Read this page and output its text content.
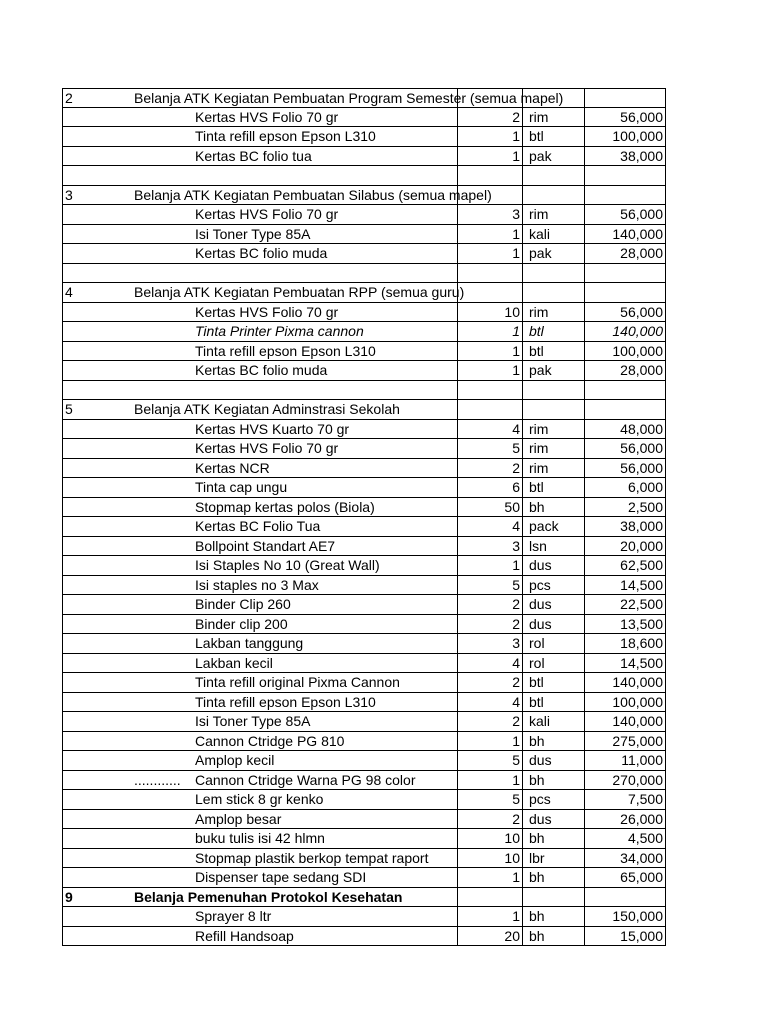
2	Belanja ATK Kegiatan Pembuatan Program Semester (semua mapel)
Kertas HVS Folio 70 gr	2 rim	56,000
Tinta refill epson Epson L310	1 btl	100,000
Kertas BC folio tua	1 pak	38,000
3	Belanja ATK Kegiatan Pembuatan Silabus (semua mapel)
Kertas HVS Folio 70 gr	3 rim	56,000
Isi Toner Type 85A	1 kali	140,000
Kertas BC folio muda	1 pak	28,000
4	Belanja ATK Kegiatan Pembuatan RPP (semua guru)
Kertas HVS Folio 70 gr	10 rim	56,000
Tinta Printer Pixma cannon	1 btl	140,000
Tinta refill epson Epson L310	1 btl	100,000
Kertas BC folio muda	1 pak	28,000
5	Belanja ATK Kegiatan Adminstrasi Sekolah
Kertas HVS Kuarto 70 gr	4 rim	48,000
Kertas HVS Folio 70 gr	5 rim	56,000
Kertas NCR	2 rim	56,000
Tinta cap ungu	6 btl	6,000
Stopmap kertas polos (Biola)	50 bh	2,500
Kertas BC Folio Tua	4 pack	38,000
Bollpoint Standart AE7	3 lsn	20,000
Isi Staples No 10 (Great Wall)	1 dus	62,500
Isi staples no 3 Max	5 pcs	14,500
Binder Clip 260	2 dus	22,500
Binder clip 200	2 dus	13,500
Lakban tanggung	3 rol	18,600
Lakban kecil	4 rol	14,500
Tinta refill original Pixma Cannon	2 btl	140,000
Tinta refill epson Epson L310	4 btl	100,000
Isi Toner Type 85A	2 kali	140,000
Cannon Ctridge PG 810	1 bh	275,000
Amplop kecil	5 dus	11,000
............ Cannon Ctridge Warna PG 98 color	1 bh	270,000
Lem stick 8 gr kenko	5 pcs	7,500
Amplop besar	2 dus	26,000
buku tulis isi 42 hlmn	10 bh	4,500
Stopmap plastik berkop tempat raport	10 lbr	34,000
Dispenser tape sedang SDI	1 bh	65,000
9	Belanja Pemenuhan Protokol Kesehatan
Sprayer 8 ltr	1 bh	150,000
Refill Handsoap	20 bh	15,000
